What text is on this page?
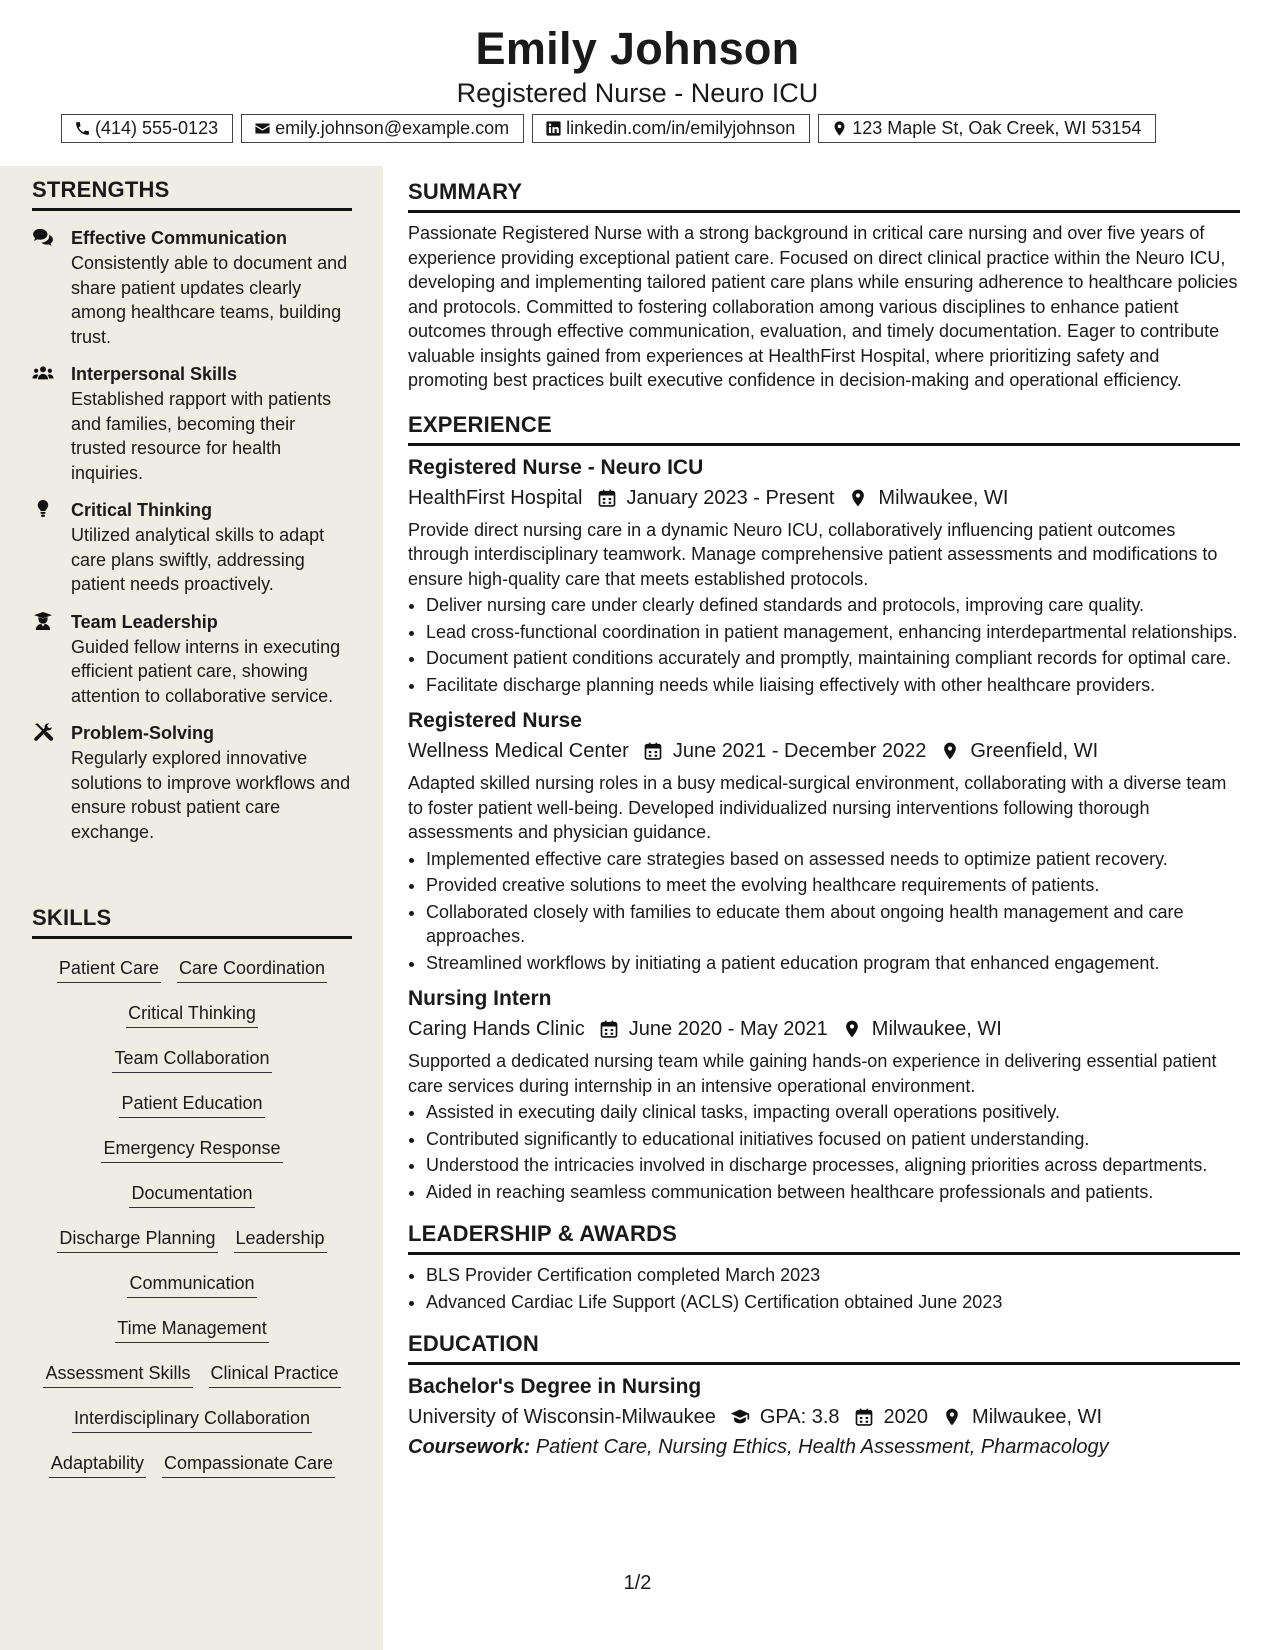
Emily Johnson
Registered Nurse - Neuro ICU
(414) 555-0123	emily.johnson@example.com	linkedin.com/in/emilyjohnson	123 Maple St, Oak Creek, WI 53154
STRENGTHS
Effective Communication
Consistently able to document and share patient updates clearly among healthcare teams, building trust.
Interpersonal Skills
Established rapport with patients and families, becoming their trusted resource for health inquiries.
Critical Thinking
Utilized analytical skills to adapt care plans swiftly, addressing patient needs proactively.
Team Leadership
Guided fellow interns in executing efficient patient care, showing attention to collaborative service.
Problem-Solving
Regularly explored innovative solutions to improve workflows and ensure robust patient care exchange.
SKILLS
Patient Care Care Coordination
Critical Thinking
Team Collaboration
Patient Education
Emergency Response
Documentation
Discharge Planning Leadership
Communication
Time Management
Assessment Skills Clinical Practice
Interdisciplinary Collaboration
Adaptability Compassionate Care
SUMMARY

Passionate Registered Nurse with a strong background in critical care nursing and over five years of experience providing exceptional patient care. Focused on direct clinical practice within the Neuro ICU, developing and implementing tailored patient care plans while ensuring adherence to healthcare policies and protocols. Committed to fostering collaboration among various disciplines to enhance patient outcomes through effective communication, evaluation, and timely documentation. Eager to contribute valuable insights gained from experiences at HealthFirst Hospital, where prioritizing safety and promoting best practices built executive confidence in decision-making and operational efficiency.

EXPERIENCE
Registered Nurse - Neuro ICU
HealthFirst Hospital January 2023 - Present Milwaukee, WI

Provide direct nursing care in a dynamic Neuro ICU, collaboratively influencing patient outcomes through interdisciplinary teamwork. Manage comprehensive patient assessments and modifications to ensure high-quality care that meets established protocols.

• Deliver nursing care under clearly defined standards and protocols, improving care quality.
• Lead cross-functional coordination in patient management, enhancing interdepartmental relationships.
• Document patient conditions accurately and promptly, maintaining compliant records for optimal care.
• Facilitate discharge planning needs while liaising effectively with other healthcare providers.
Registered Nurse
Wellness Medical Center June 2021 - December 2022 Greenfield, WI

Adapted skilled nursing roles in a busy medical-surgical environment, collaborating with a diverse team to foster patient well-being. Developed individualized nursing interventions following thorough assessments and physician guidance.

• Implemented effective care strategies based on assessed needs to optimize patient recovery.
• Provided creative solutions to meet the evolving healthcare requirements of patients.
• Collaborated closely with families to educate them about ongoing health management and care approaches.
• Streamlined workflows by initiating a patient education program that enhanced engagement.
Nursing Intern
Caring Hands Clinic June 2020 - May 2021 Milwaukee, WI

Supported a dedicated nursing team while gaining hands-on experience in delivering essential patient care services during internship in an intensive operational environment.

• Assisted in executing daily clinical tasks, impacting overall operations positively.
• Contributed significantly to educational initiatives focused on patient understanding.
• Understood the intricacies involved in discharge processes, aligning priorities across departments.
• Aided in reaching seamless communication between healthcare professionals and patients.
LEADERSHIP & AWARDS
• BLS Provider Certification completed March 2023
• Advanced Cardiac Life Support (ACLS) Certification obtained June 2023
EDUCATION
Bachelor's Degree in Nursing
University of Wisconsin-Milwaukee GPA: 3.8 2020 Milwaukee, WI
Coursework: Patient Care, Nursing Ethics, Health Assessment, Pharmacology
1/2
